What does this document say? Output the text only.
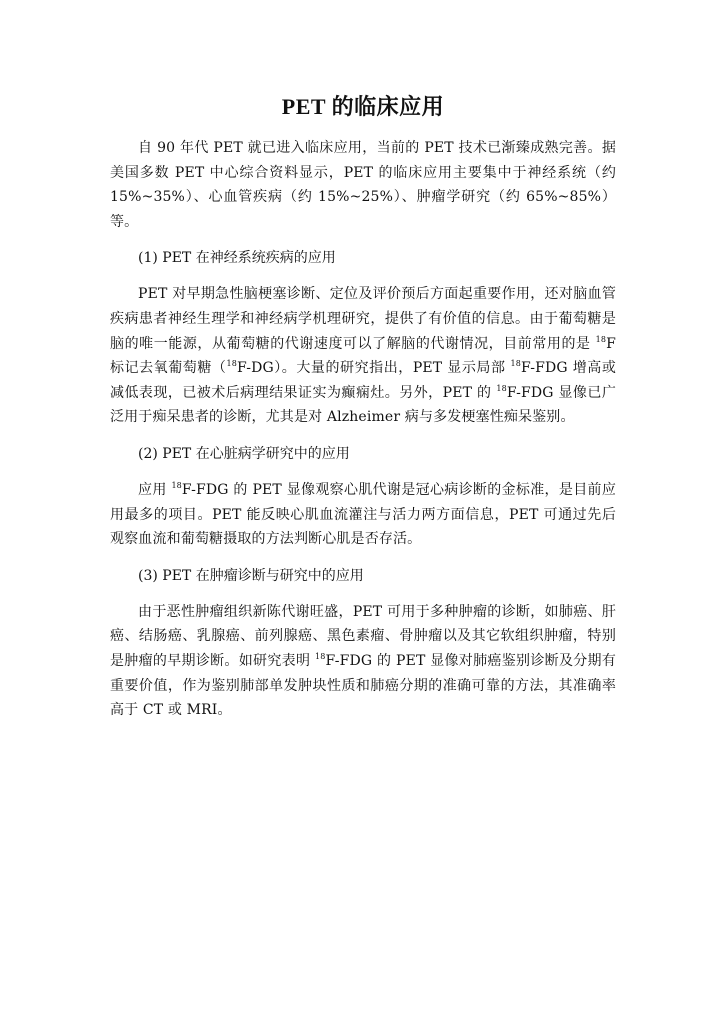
PET 的临床应用

自 90 年代 PET 就已进入临床应用，当前的 PET 技术已渐臻成熟完善。据美国多数 PET 中心综合资料显示，PET 的临床应用主要集中于神经系统（约 15%~35%）、心血管疾病（约 15%~25%）、肿瘤学研究（约 65%~85%）等。

(1) PET 在神经系统疾病的应用

PET 对早期急性脑梗塞诊断、定位及评价预后方面起重要作用，还对脑血管疾病患者神经生理学和神经病学机理研究，提供了有价值的信息。由于葡萄糖是脑的唯一能源，从葡萄糖的代谢速度可以了解脑的代谢情况，目前常用的是 $^{18}$F 标记去氧葡萄糖（$^{18}$F-DG）。大量的研究指出，PET 显示局部 $^{18}$F-FDG 增高或减低表现，已被术后病理结果证实为癫痫灶。另外，PET 的 $^{18}$F-FDG 显像已广泛用于痴呆患者的诊断，尤其是对 Alzheimer 病与多发梗塞性痴呆鉴别。

(2) PET 在心脏病学研究中的应用

应用 $^{18}$F-FDG 的 PET 显像观察心肌代谢是冠心病诊断的金标准，是目前应用最多的项目。PET 能反映心肌血流灌注与活力两方面信息，PET 可通过先后观察血流和葡萄糖摄取的方法判断心肌是否存活。

(3) PET 在肿瘤诊断与研究中的应用

由于恶性肿瘤组织新陈代谢旺盛，PET 可用于多种肿瘤的诊断，如肺癌、肝癌、结肠癌、乳腺癌、前列腺癌、黑色素瘤、骨肿瘤以及其它软组织肿瘤，特别是肿瘤的早期诊断。如研究表明 $^{18}$F-FDG 的 PET 显像对肺癌鉴别诊断及分期有重要价值，作为鉴别肺部单发肿块性质和肺癌分期的准确可靠的方法，其准确率高于 CT 或 MRI。
